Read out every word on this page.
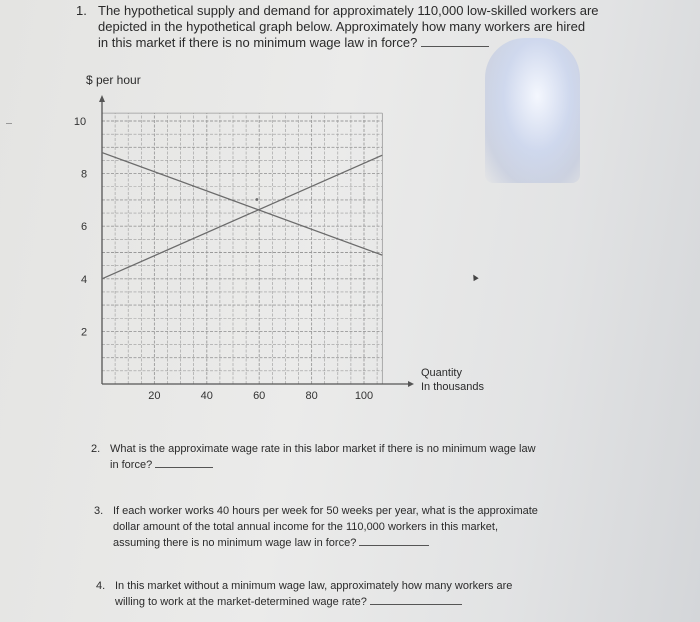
1. The hypothetical supply and demand for approximately 110,000 low-skilled workers are
depicted in the hypothetical graph below. Approximately how many workers are hired
in this market if there is no minimum wage law in force?
$ per hour
20	40	60	80	100
2
4
6
8
10
Quantity
In thousands
▲
2. What is the approximate wage rate in this labor market if there is no minimum wage law
in force?
3. If each worker works 40 hours per week for 50 weeks per year, what is the approximate
dollar amount of the total annual income for the 110,000 workers in this market,
assuming there is no minimum wage law in force?
4. In this market without a minimum wage law, approximately how many workers are
willing to work at the market-determined wage rate?
